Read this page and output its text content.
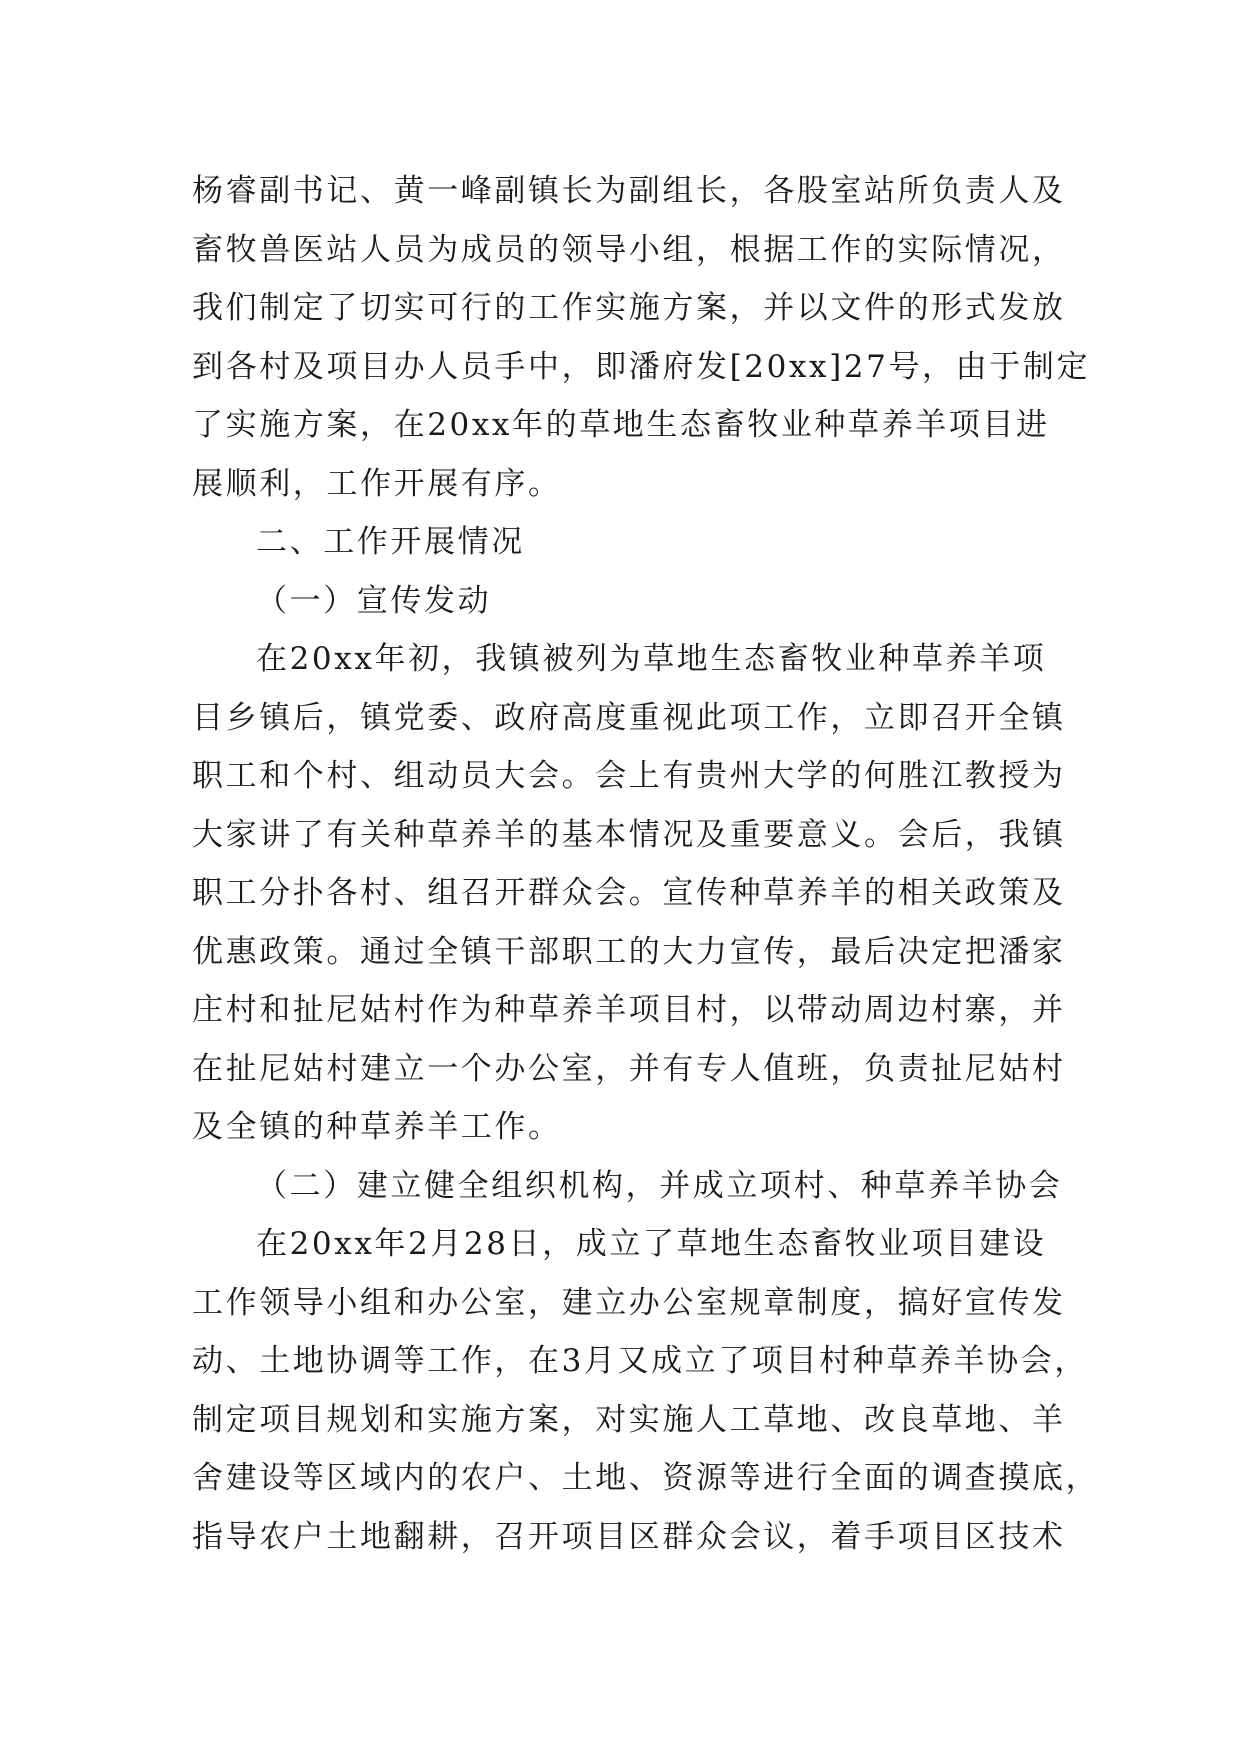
杨睿副书记、黄一峰副镇长为副组长，各股室站所负责人及
畜牧兽医站人员为成员的领导小组，根据工作的实际情况，
我们制定了切实可行的工作实施方案，并以文件的形式发放
到各村及项目办人员手中，即潘府发[20xx]27号，由于制定
了实施方案，在20xx年的草地生态畜牧业种草养羊项目进
展顺利，工作开展有序。
二、工作开展情况
（一）宣传发动
在20xx年初，我镇被列为草地生态畜牧业种草养羊项
目乡镇后，镇党委、政府高度重视此项工作，立即召开全镇
职工和个村、组动员大会。会上有贵州大学的何胜江教授为
大家讲了有关种草养羊的基本情况及重要意义。会后，我镇
职工分扑各村、组召开群众会。宣传种草养羊的相关政策及
优惠政策。通过全镇干部职工的大力宣传，最后决定把潘家
庄村和扯尼姑村作为种草养羊项目村，以带动周边村寨，并
在扯尼姑村建立一个办公室，并有专人值班，负责扯尼姑村
及全镇的种草养羊工作。
（二）建立健全组织机构，并成立项村、种草养羊协会
在20xx年2月28日，成立了草地生态畜牧业项目建设
工作领导小组和办公室，建立办公室规章制度，搞好宣传发
动、土地协调等工作，在3月又成立了项目村种草养羊协会，
制定项目规划和实施方案，对实施人工草地、改良草地、羊
舍建设等区域内的农户、土地、资源等进行全面的调查摸底，
指导农户土地翻耕，召开项目区群众会议，着手项目区技术
